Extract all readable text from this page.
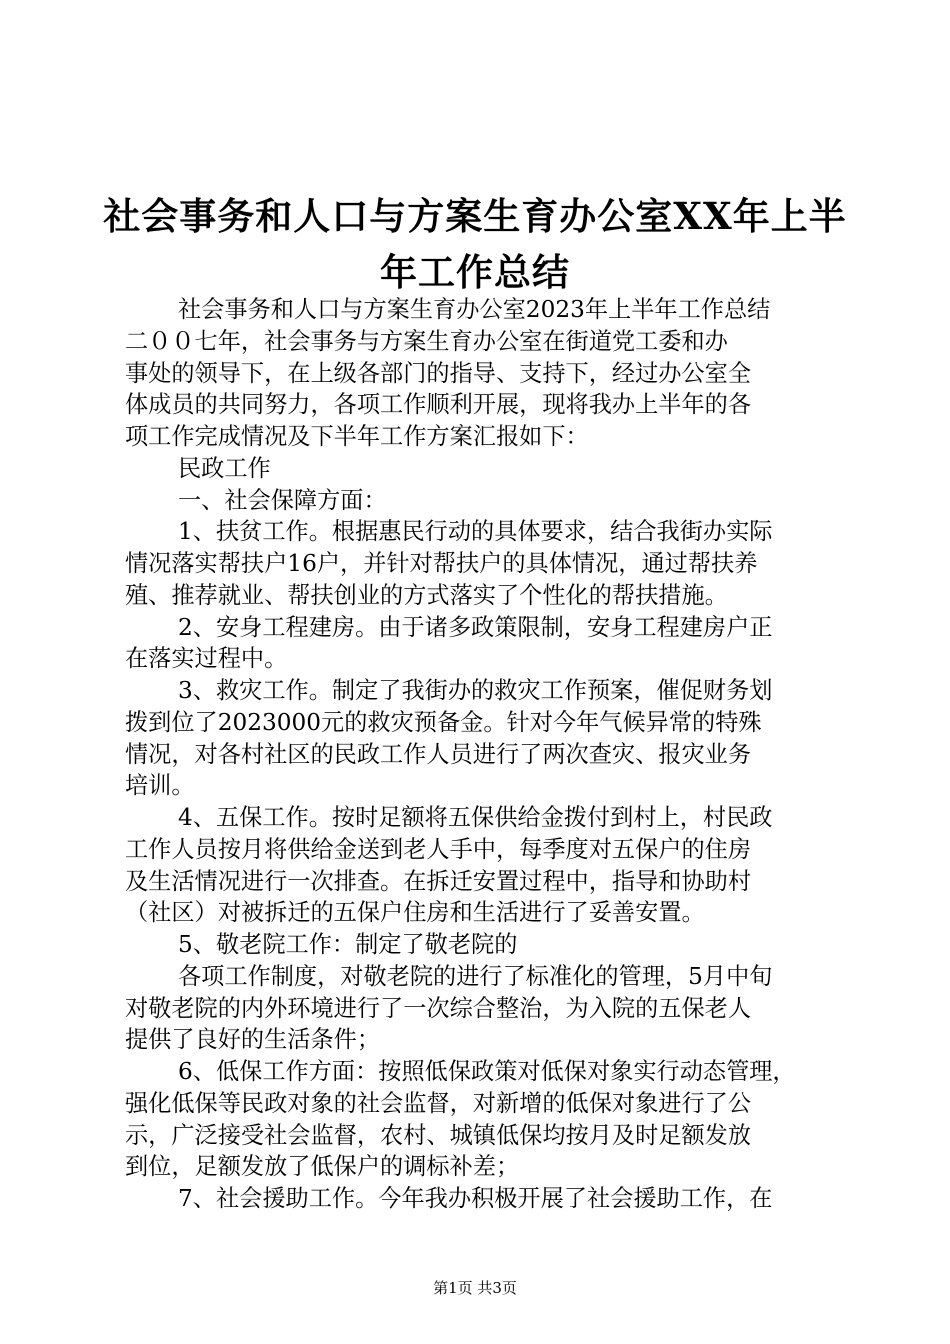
社会事务和人口与方案生育办公室XX年上半
年工作总结

社会事务和人口与方案生育办公室2023年上半年工作总结

二００七年，社会事务与方案生育办公室在街道党工委和办

事处的领导下，在上级各部门的指导、支持下，经过办公室全

体成员的共同努力，各项工作顺利开展，现将我办上半年的各

项工作完成情况及下半年工作方案汇报如下：

民政工作

一、社会保障方面：

1、扶贫工作。根据惠民行动的具体要求，结合我街办实际

情况落实帮扶户16户，并针对帮扶户的具体情况，通过帮扶养

殖、推荐就业、帮扶创业的方式落实了个性化的帮扶措施。

2、安身工程建房。由于诸多政策限制，安身工程建房户正

在落实过程中。

3、救灾工作。制定了我街办的救灾工作预案，催促财务划

拨到位了2023000元的救灾预备金。针对今年气候异常的特殊

情况，对各村社区的民政工作人员进行了两次查灾、报灾业务

培训。

4、五保工作。按时足额将五保供给金拨付到村上，村民政

工作人员按月将供给金送到老人手中，每季度对五保户的住房

及生活情况进行一次排查。在拆迁安置过程中，指导和协助村

（社区）对被拆迁的五保户住房和生活进行了妥善安置。

5、敬老院工作：制定了敬老院的

各项工作制度，对敬老院的进行了标准化的管理，5月中旬

对敬老院的内外环境进行了一次综合整治，为入院的五保老人

提供了良好的生活条件；

6、低保工作方面：按照低保政策对低保对象实行动态管理，

强化低保等民政对象的社会监督，对新增的低保对象进行了公

示，广泛接受社会监督，农村、城镇低保均按月及时足额发放

到位，足额发放了低保户的调标补差；

7、社会援助工作。今年我办积极开展了社会援助工作，在

第1页 共3页
